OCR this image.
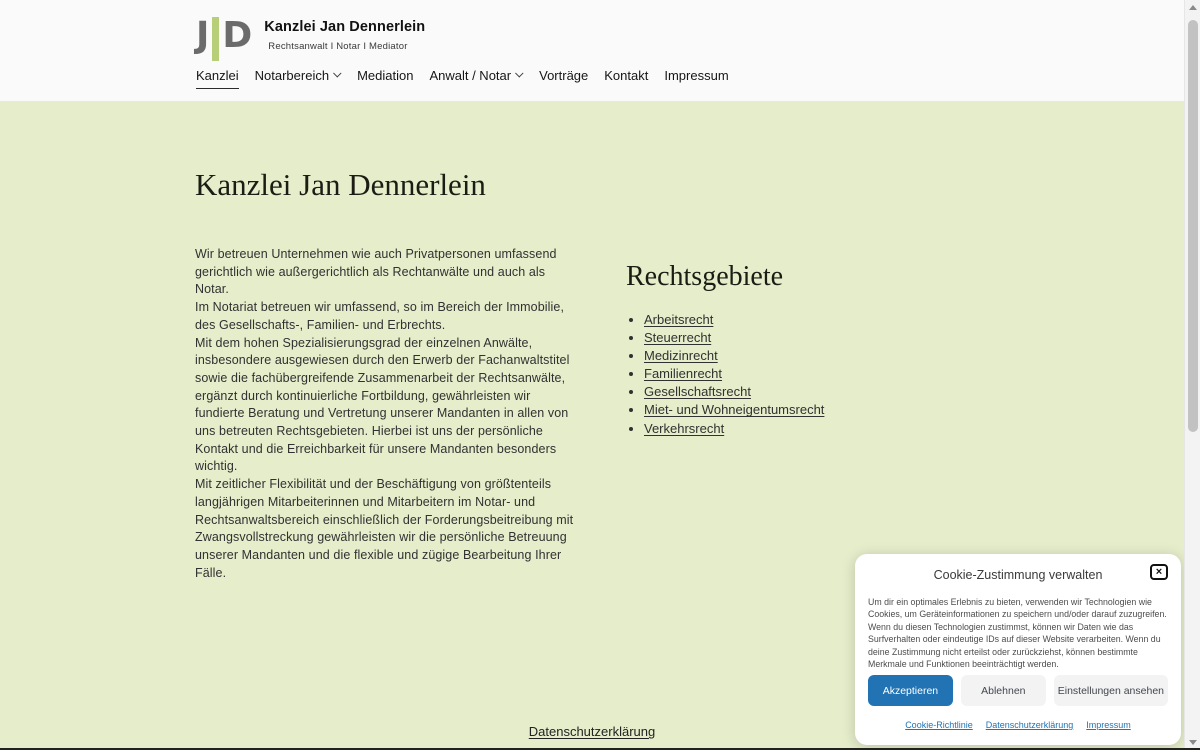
J D Kanzlei Jan Dennerlein
Rechtsanwalt I Notar I Mediator
Kanzlei Notarbereich Mediation Anwalt / Notar Vorträge Kontakt Impressum
Kanzlei Jan Dennerlein

Wir betreuen Unternehmen wie auch Privatpersonen umfassend gerichtlich wie außergerichtlich als Rechtanwälte und auch als Notar.

Im Notariat betreuen wir umfassend, so im Bereich der Immobilie, des Gesellschafts-, Familien- und Erbrechts.

Mit dem hohen Spezialisierungsgrad der einzelnen Anwälte, insbesondere ausgewiesen durch den Erwerb der Fachanwaltstitel sowie die fachübergreifende Zusammenarbeit der Rechtsanwälte, ergänzt durch kontinuierliche Fortbildung, gewährleisten wir fundierte Beratung und Vertretung unserer Mandanten in allen von uns betreuten Rechtsgebieten. Hierbei ist uns der persönliche Kontakt und die Erreichbarkeit für unsere Mandanten besonders wichtig.

Mit zeitlicher Flexibilität und der Beschäftigung von größtenteils langjährigen Mitarbeiterinnen und Mitarbeitern im Notar- und Rechtsanwaltsbereich einschließlich der Forderungsbeitreibung mit Zwangsvollstreckung gewährleisten wir die persönliche Betreuung unserer Mandanten und die flexible und zügige Bearbeitung Ihrer Fälle.

Rechtsgebiete
• Arbeitsrecht
• Steuerrecht
• Medizinrecht
• Familienrecht
• Gesellschaftsrecht
• Miet- und Wohneigentumsrecht
• Verkehrsrecht
Datenschutzerklärung
Cookie-Zustimmung verwalten	×

Um dir ein optimales Erlebnis zu bieten, verwenden wir Technologien wie Cookies, um Geräteinformationen zu speichern und/oder darauf zuzugreifen. Wenn du diesen Technologien zustimmst, können wir Daten wie das Surfverhalten oder eindeutige IDs auf dieser Website verarbeiten. Wenn du deine Zustimmung nicht erteilst oder zurückziehst, können bestimmte Merkmale und Funktionen beeinträchtigt werden.

Akzeptieren	Ablehnen	Einstellungen ansehen
Cookie-Richtlinie Datenschutzerklärung Impressum
